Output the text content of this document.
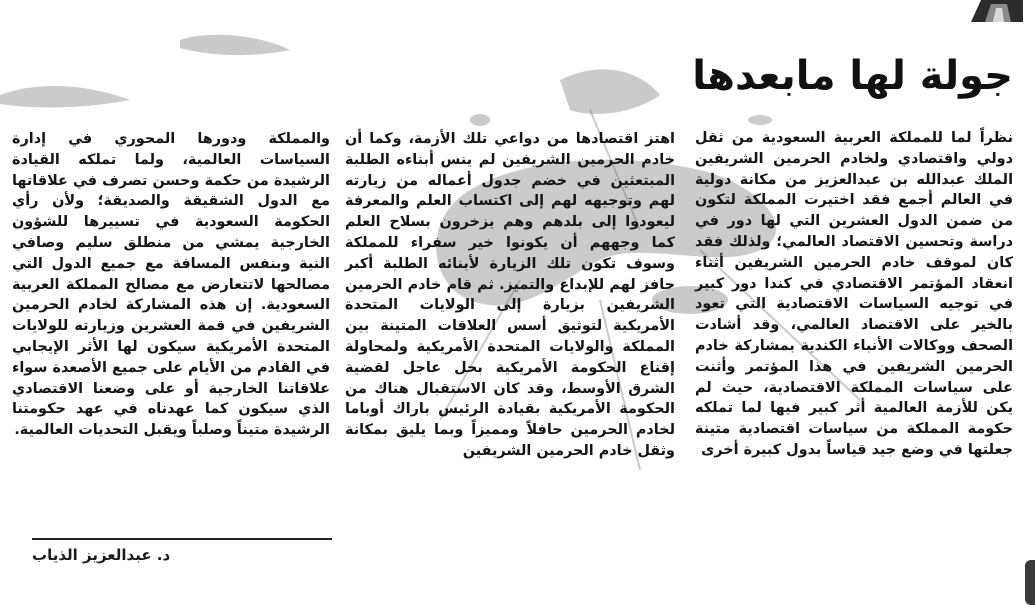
جولة لها مابعدها

نظراً لما للمملكة العربية السعودية من ثقل دولي واقتصادي ولخادم الحرمين الشريفين الملك عبدالله بن عبدالعزيز من مكانة دولية في العالم أجمع فقد اختيرت المملكة لتكون من ضمن الدول العشرين التي لها دور في دراسة وتحسين الاقتصاد العالمي؛ ولذلك فقد كان لموقف خادم الحرمين الشريفين أثناء انعقاد المؤتمر الاقتصادي في كندا دور كبير في توجيه السياسات الاقتصادية التي تعود بالخير على الاقتصاد العالمي، وقد أشادت الصحف ووكالات الأنباء الكندية بمشاركة خادم الحرمين الشريفين في هذا المؤتمر وأثنت على سياسات المملكة الاقتصادية، حيث لم يكن للأزمة العالمية أثر كبير فيها لما تملكه حكومة المملكة من سياسات اقتصادية متينة جعلتها في وضع جيد قياساً بدول كبيرة أخرى

اهتز اقتصادها من دواعي تلك الأزمة، وكما أن خادم الحرمين الشريفين لم ينس أبناءه الطلبة المبتعثين في خضم جدول أعماله من زيارته لهم وتوجيهه لهم إلى اكتساب العلم والمعرفة ليعودوا إلى بلدهم وهم يزخرون بسلاح العلم كما وجههم أن يكونوا خير سفراء للمملكة وسوف تكون تلك الزيارة لأبنائه الطلبة أكبر حافز لهم للإبداع والتميز. ثم قام خادم الحرمين الشريفين بزيارة إلى الولايات المتحدة الأمريكية لتوثيق أسس العلاقات المتينة بين المملكة والولايات المتحدة الأمريكية ولمحاولة إقناع الحكومة الأمريكية بحل عاجل لقضية الشرق الأوسط، وقد كان الاستقبال هناك من الحكومة الأمريكية بقيادة الرئيس باراك أوباما لخادم الحرمين حافلاً ومميزاً وبما يليق بمكانة وثقل خادم الحرمين الشريفين

والمملكة ودورها المحوري في إدارة السياسات العالمية، ولما تملكه القيادة الرشيدة من حكمة وحسن تصرف في علاقاتها مع الدول الشقيقة والصديقة؛ ولأن رأي الحكومة السعودية في تسييرها للشؤون الخارجية يمشي من منطلق سليم وصافي النية وبنفس المسافة مع جميع الدول التي مصالحها لاتتعارض مع مصالح المملكة العربية السعودية. إن هذه المشاركة لخادم الحرمين الشريفين في قمة العشرين وزيارته للولايات المتحدة الأمريكية سيكون لها الأثر الإيجابي في القادم من الأيام على جميع الأصعدة سواء علاقاتنا الخارجية أو على وضعنا الاقتصادي الذي سيكون كما عهدناه في عهد حكومتنا الرشيدة متيناً وصلباً ويقبل التحديات العالمية.

د. عبدالعزيز الذياب
